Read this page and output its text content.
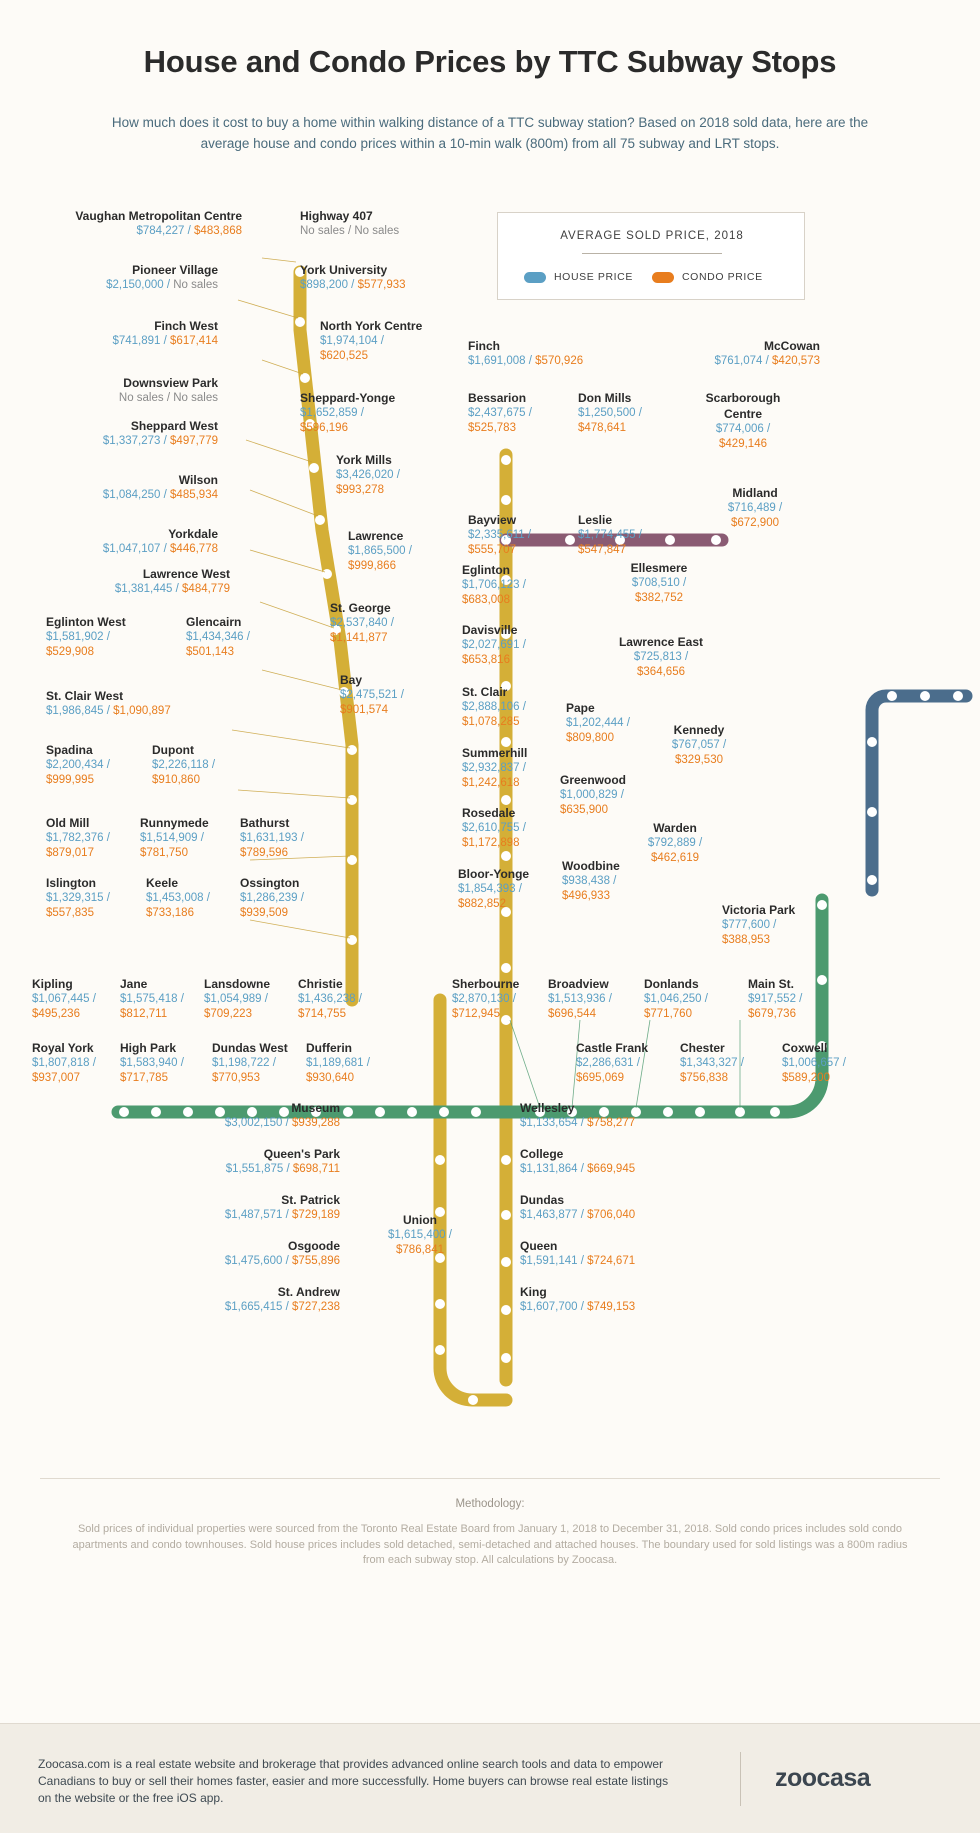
House and Condo Prices by TTC Subway Stops
How much does it cost to buy a home within walking distance of a TTC subway station? Based on 2018 sold data, here are the average house and condo prices within a 10-min walk (800m) from all 75 subway and LRT stops.
AVERAGE SOLD PRICE, 2018
HOUSE PRICE	CONDO PRICE
Vaughan Metropolitan Centre
$784,227 / $483,868
Highway 407
No sales / No sales
Pioneer Village
$2,150,000 / No sales
York University
$898,200 / $577,933
Finch West
$741,891 / $617,414
North York Centre
$1,974,104 /
$620,525
Finch
$1,691,008 / $570,926
McCowan
$761,074 / $420,573
Downsview Park
No sales / No sales	Sheppard-Yonge
$1,652,859 /
$596,196
Bessarion
$2,437,675 /
$525,783
Don Mills
$1,250,500 /
$478,641
Scarborough Centre
$774,006 /
$429,146
Sheppard West
$1,337,273 / $497,779
York Mills
$3,426,020 /
$993,278
Bayview
$2,335,611 /
$555,707
Leslie
$1,774,455 /
$547,847
Midland
$716,489 /
$672,900
Wilson
$1,084,250 / $485,934
Lawrence
$1,865,500 /
$999,866
Yorkdale
$1,047,107 / $446,778
Eglinton
$1,706,123 /
$683,008
Ellesmere
$708,510 /
$382,752
Lawrence West
$1,381,445 / $484,779
St. George
$2,537,840 /
$1,141,877
Davisville
$2,027,691 /
$653,816
Lawrence East
$725,813 /
$364,656
Eglinton West
$1,581,902 /
$529,908
Glencairn
$1,434,346 /
$501,143
Bay
$2,475,521 /
$901,574
St. Clair
$2,888,106 /
$1,078,285
Pape
$1,202,444 /
$809,800
Kennedy
$767,057 /
$329,530
St. Clair West
$1,986,845 / $1,090,897
Summerhill
$2,932,837 /
$1,242,618	Greenwood
$1,000,829 /
$635,900
Spadina
$2,200,434 /
$999,995
Dupont
$2,226,118 /
$910,860
Rosedale
$2,610,755 /
$1,172,898
Warden
$792,889 /
$462,619
Old Mill
$1,782,376 /
$879,017
Runnymede
$1,514,909 /
$781,750
Bathurst
$1,631,193 /
$789,596
Bloor-Yonge
$1,854,393 /
$882,852
Woodbine
$938,438 /
$496,933
Islington
$1,329,315 /
$557,835
Keele
$1,453,008 /
$733,186
Ossington
$1,286,239 /
$939,509	Victoria Park
$777,600 /
$388,953
Kipling
$1,067,445 /
$495,236
Jane
$1,575,418 /
$812,711
Lansdowne
$1,054,989 /
$709,223
Christie
$1,436,238 /
$714,755
Sherbourne
$2,870,130 /
$712,945
Broadview
$1,513,936 /
$696,544
Donlands
$1,046,250 /
$771,760
Main St.
$917,552 /
$679,736
Royal York
$1,807,818 /
$937,007
High Park
$1,583,940 /
$717,785
Dundas West
$1,198,722 /
$770,953
Dufferin
$1,189,681 /
$930,640
Castle Frank
$2,286,631 /
$695,069
Chester
$1,343,327 /
$756,838
Coxwell
$1,006,657 /
$589,200
Museum
$3,002,150 / $939,288
Wellesley
$1,133,654 / $758,277
Queen's Park
$1,551,875 / $698,711
College
$1,131,864 / $669,945
St. Patrick
$1,487,571 / $729,189
Dundas
$1,463,877 / $706,040
Osgoode
$1,475,600 / $755,896
Queen
$1,591,141 / $724,671
St. Andrew
$1,665,415 / $727,238
Union
$1,615,400 /
$786,841
King
$1,607,700 / $749,153
Methodology:
Sold prices of individual properties were sourced from the Toronto Real Estate Board from January 1, 2018 to December 31, 2018. Sold condo prices includes sold condo apartments and condo townhouses. Sold house prices includes sold detached, semi-detached and attached houses. The boundary used for sold listings was a 800m radius from each subway stop. All calculations by Zoocasa.
Zoocasa.com is a real estate website and brokerage that provides advanced online search tools and data to empower Canadians to buy or sell their homes faster, easier and more successfully. Home buyers can browse real estate listings on the website or the free iOS app.
zoocasa
